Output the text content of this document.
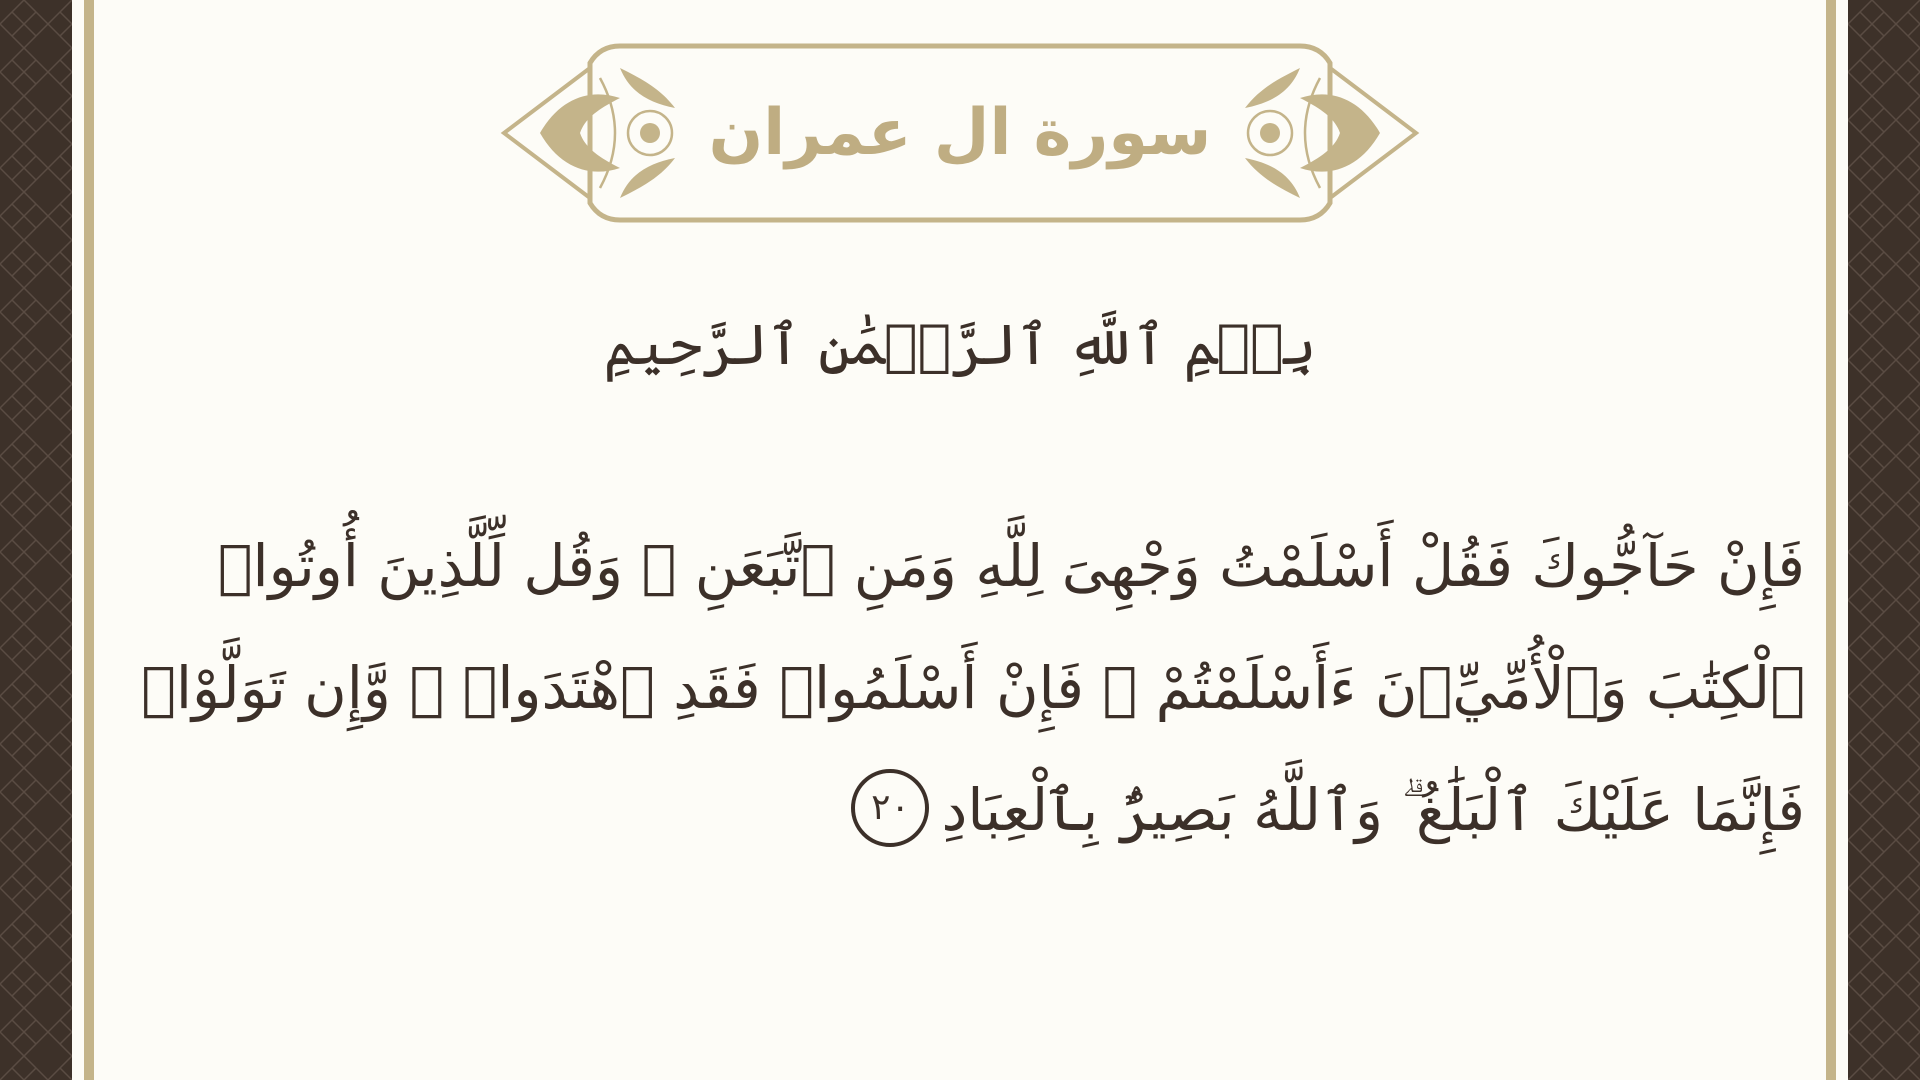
سورة ال عمران
بِسۡمِ ٱللَّهِ ٱلرَّحۡمَٰنِ ٱلرَّحِيمِ
فَإِنْ حَآجُّوكَ فَقُلْ أَسْلَمْتُ وَجْهِىَ لِلَّهِ وَمَنِ ٱتَّبَعَنِ ۗ وَقُل لِّلَّذِينَ أُوتُوا۟
ٱلْكِتَٰبَ وَٱلْأُمِّيِّۦنَ ءَأَسْلَمْتُمْ ۚ فَإِنْ أَسْلَمُوا۟ فَقَدِ ٱهْتَدَوا۟ ۖ وَّإِن تَوَلَّوْا۟
فَإِنَّمَا عَلَيْكَ ٱلْبَلَٰغُ ۗ وَٱللَّهُ بَصِيرٌۢ بِٱلْعِبَادِ٢٠
